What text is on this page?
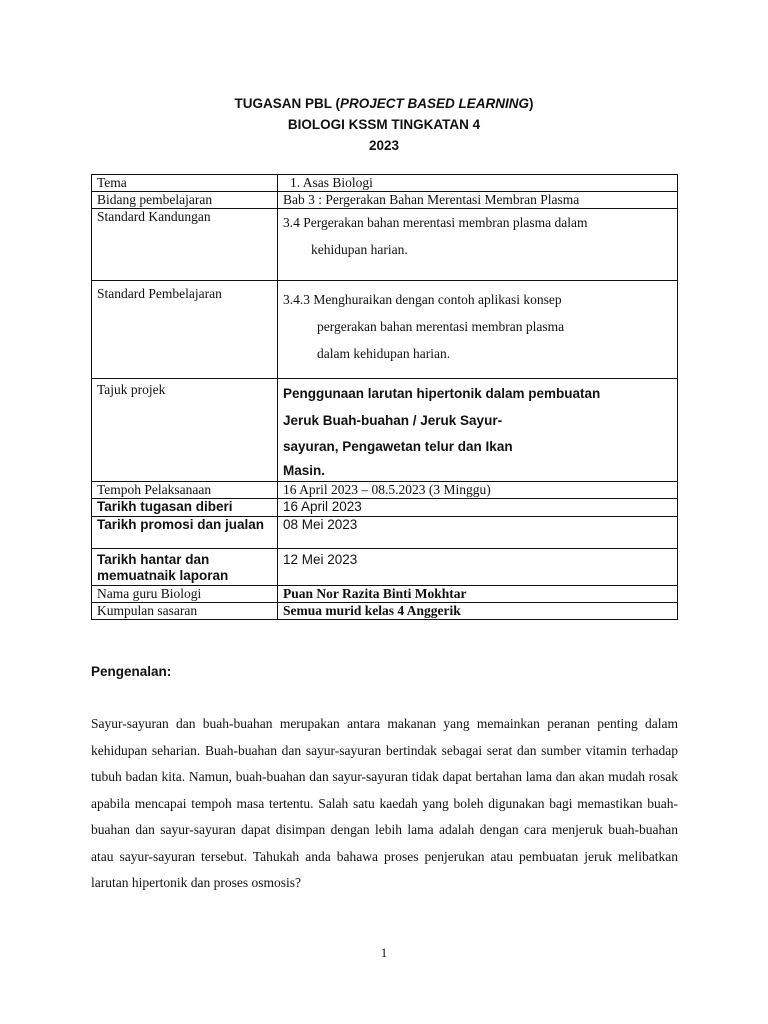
TUGASAN PBL (PROJECT BASED LEARNING)
BIOLOGI KSSM TINGKATAN 4
2023
Tema	1. Asas Biologi
Bidang pembelajaran	Bab 3 : Pergerakan Bahan Merentasi Membran Plasma
Standard Kandungan	3.4 Pergerakan bahan merentasi membran plasma dalam
kehidupan harian.

Standard Pembelajaran	3.4.3 Menghuraikan dengan contoh aplikasi konsep
pergerakan bahan merentasi membran plasma
dalam kehidupan harian.

Tajuk projek	Penggunaan larutan hipertonik dalam pembuatan
Jeruk Buah-buahan / Jeruk Sayur-
sayuran, Pengawetan telur dan Ikan
Masin.

Tempoh Pelaksanaan	16 April 2023 – 08.5.2023 (3 Minggu)
Tarikh tugasan diberi	16 April 2023
Tarikh promosi dan jualan	08 Mei 2023
Tarikh hantar dan memuatnaik laporan	12 Mei 2023
Nama guru Biologi	Puan Nor Razita Binti Mokhtar
Kumpulan sasaran	Semua murid kelas 4 Anggerik
Pengenalan:
Sayur-sayuran dan buah-buahan merupakan antara makanan yang memainkan peranan penting dalam kehidupan seharian. Buah-buahan dan sayur-sayuran bertindak sebagai serat dan sumber vitamin terhadap tubuh badan kita. Namun, buah-buahan dan sayur-sayuran tidak dapat bertahan lama dan akan mudah rosak apabila mencapai tempoh masa tertentu. Salah satu kaedah yang boleh digunakan bagi memastikan buah-buahan dan sayur-sayuran dapat disimpan dengan lebih lama adalah dengan cara menjeruk buah-buahan atau sayur-sayuran tersebut. Tahukah anda bahawa proses penjerukan atau pembuatan jeruk melibatkan larutan hipertonik dan proses osmosis?
1
